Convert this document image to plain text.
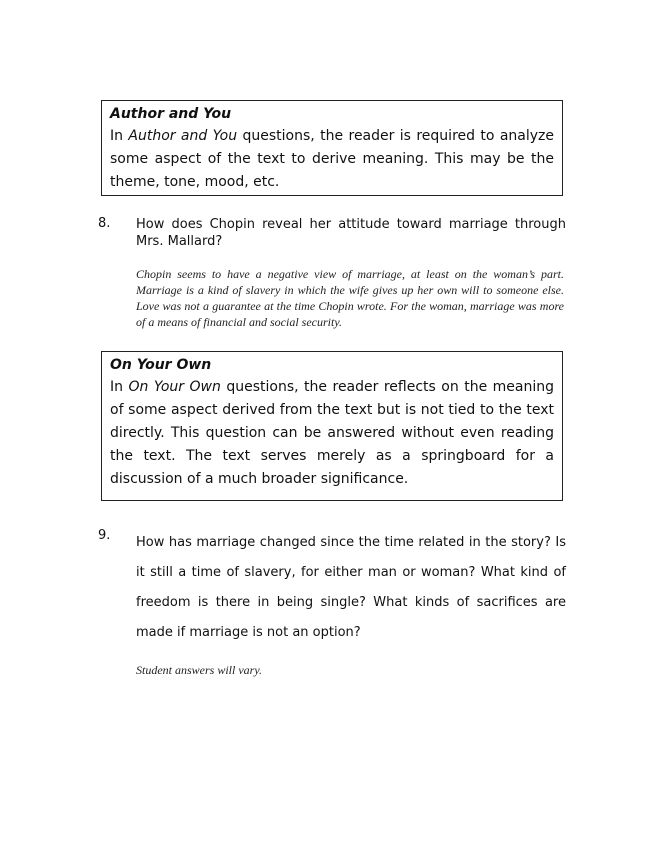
Author and You
In Author and You questions, the reader is required to analyze some aspect of the text to derive meaning. This may be the theme, tone, mood, etc.
8. How does Chopin reveal her attitude toward marriage through Mrs. Mallard?
Chopin seems to have a negative view of marriage, at least on the woman’s part. Marriage is a kind of slavery in which the wife gives up her own will to someone else. Love was not a guarantee at the time Chopin wrote. For the woman, marriage was more of a means of financial and social security.
On Your Own
In On Your Own questions, the reader reflects on the meaning of some aspect derived from the text but is not tied to the text directly. This question can be answered without even reading the text. The text serves merely as a springboard for a discussion of a much broader significance.
9. How has marriage changed since the time related in the story? Is it still a time of slavery, for either man or woman? What kind of freedom is there in being single? What kinds of sacrifices are made if marriage is not an option?
Student answers will vary.
